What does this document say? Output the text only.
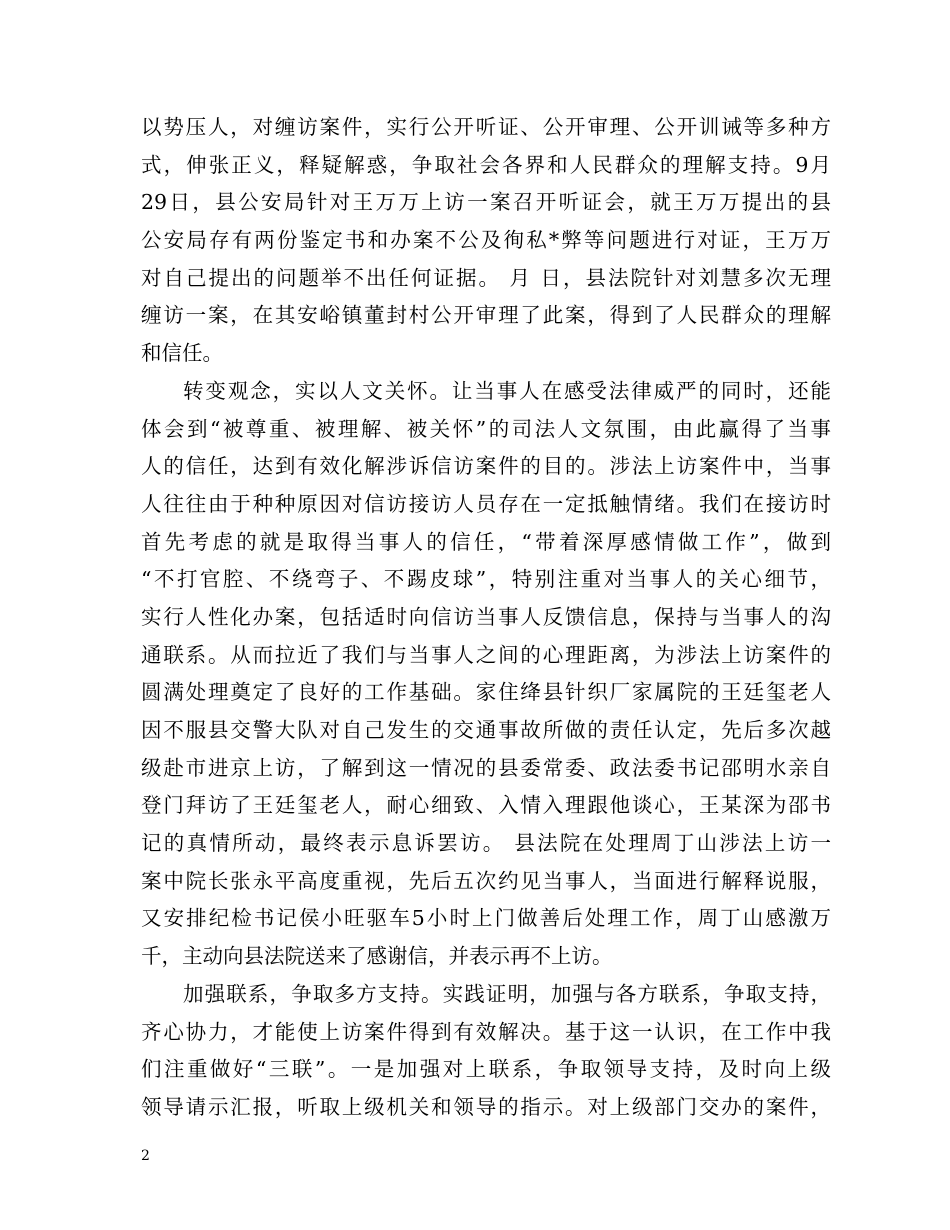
以势压人，对缠访案件，实行公开听证、公开审理、公开训诫等多种方
式，伸张正义，释疑解惑，争取社会各界和人民群众的理解支持。9月
29日，县公安局针对王万万上访一案召开听证会，就王万万提出的县
公安局存有两份鉴定书和办案不公及徇私*弊等问题进行对证，王万万
对自己提出的问题举不出任何证据。 月 日，县法院针对刘慧多次无理
缠访一案，在其安峪镇董封村公开审理了此案，得到了人民群众的理解
和信任。
转变观念，实以人文关怀。让当事人在感受法律威严的同时，还能
体会到“被尊重、被理解、被关怀”的司法人文氛围，由此赢得了当事
人的信任，达到有效化解涉诉信访案件的目的。涉法上访案件中，当事
人往往由于种种原因对信访接访人员存在一定抵触情绪。我们在接访时
首先考虑的就是取得当事人的信任，“带着深厚感情做工作”，做到
“不打官腔、不绕弯子、不踢皮球”，特别注重对当事人的关心细节，
实行人性化办案，包括适时向信访当事人反馈信息，保持与当事人的沟
通联系。从而拉近了我们与当事人之间的心理距离，为涉法上访案件的
圆满处理奠定了良好的工作基础。家住绛县针织厂家属院的王廷玺老人
因不服县交警大队对自己发生的交通事故所做的责任认定，先后多次越
级赴市进京上访，了解到这一情况的县委常委、政法委书记邵明水亲自
登门拜访了王廷玺老人，耐心细致、入情入理跟他谈心，王某深为邵书
记的真情所动，最终表示息诉罢访。 县法院在处理周丁山涉法上访一
案中院长张永平高度重视，先后五次约见当事人，当面进行解释说服，
又安排纪检书记侯小旺驱车5小时上门做善后处理工作，周丁山感激万
千，主动向县法院送来了感谢信，并表示再不上访。
加强联系，争取多方支持。实践证明，加强与各方联系，争取支持，
齐心协力，才能使上访案件得到有效解决。基于这一认识，在工作中我
们注重做好“三联”。一是加强对上联系，争取领导支持，及时向上级
领导请示汇报，听取上级机关和领导的指示。对上级部门交办的案件，
2
